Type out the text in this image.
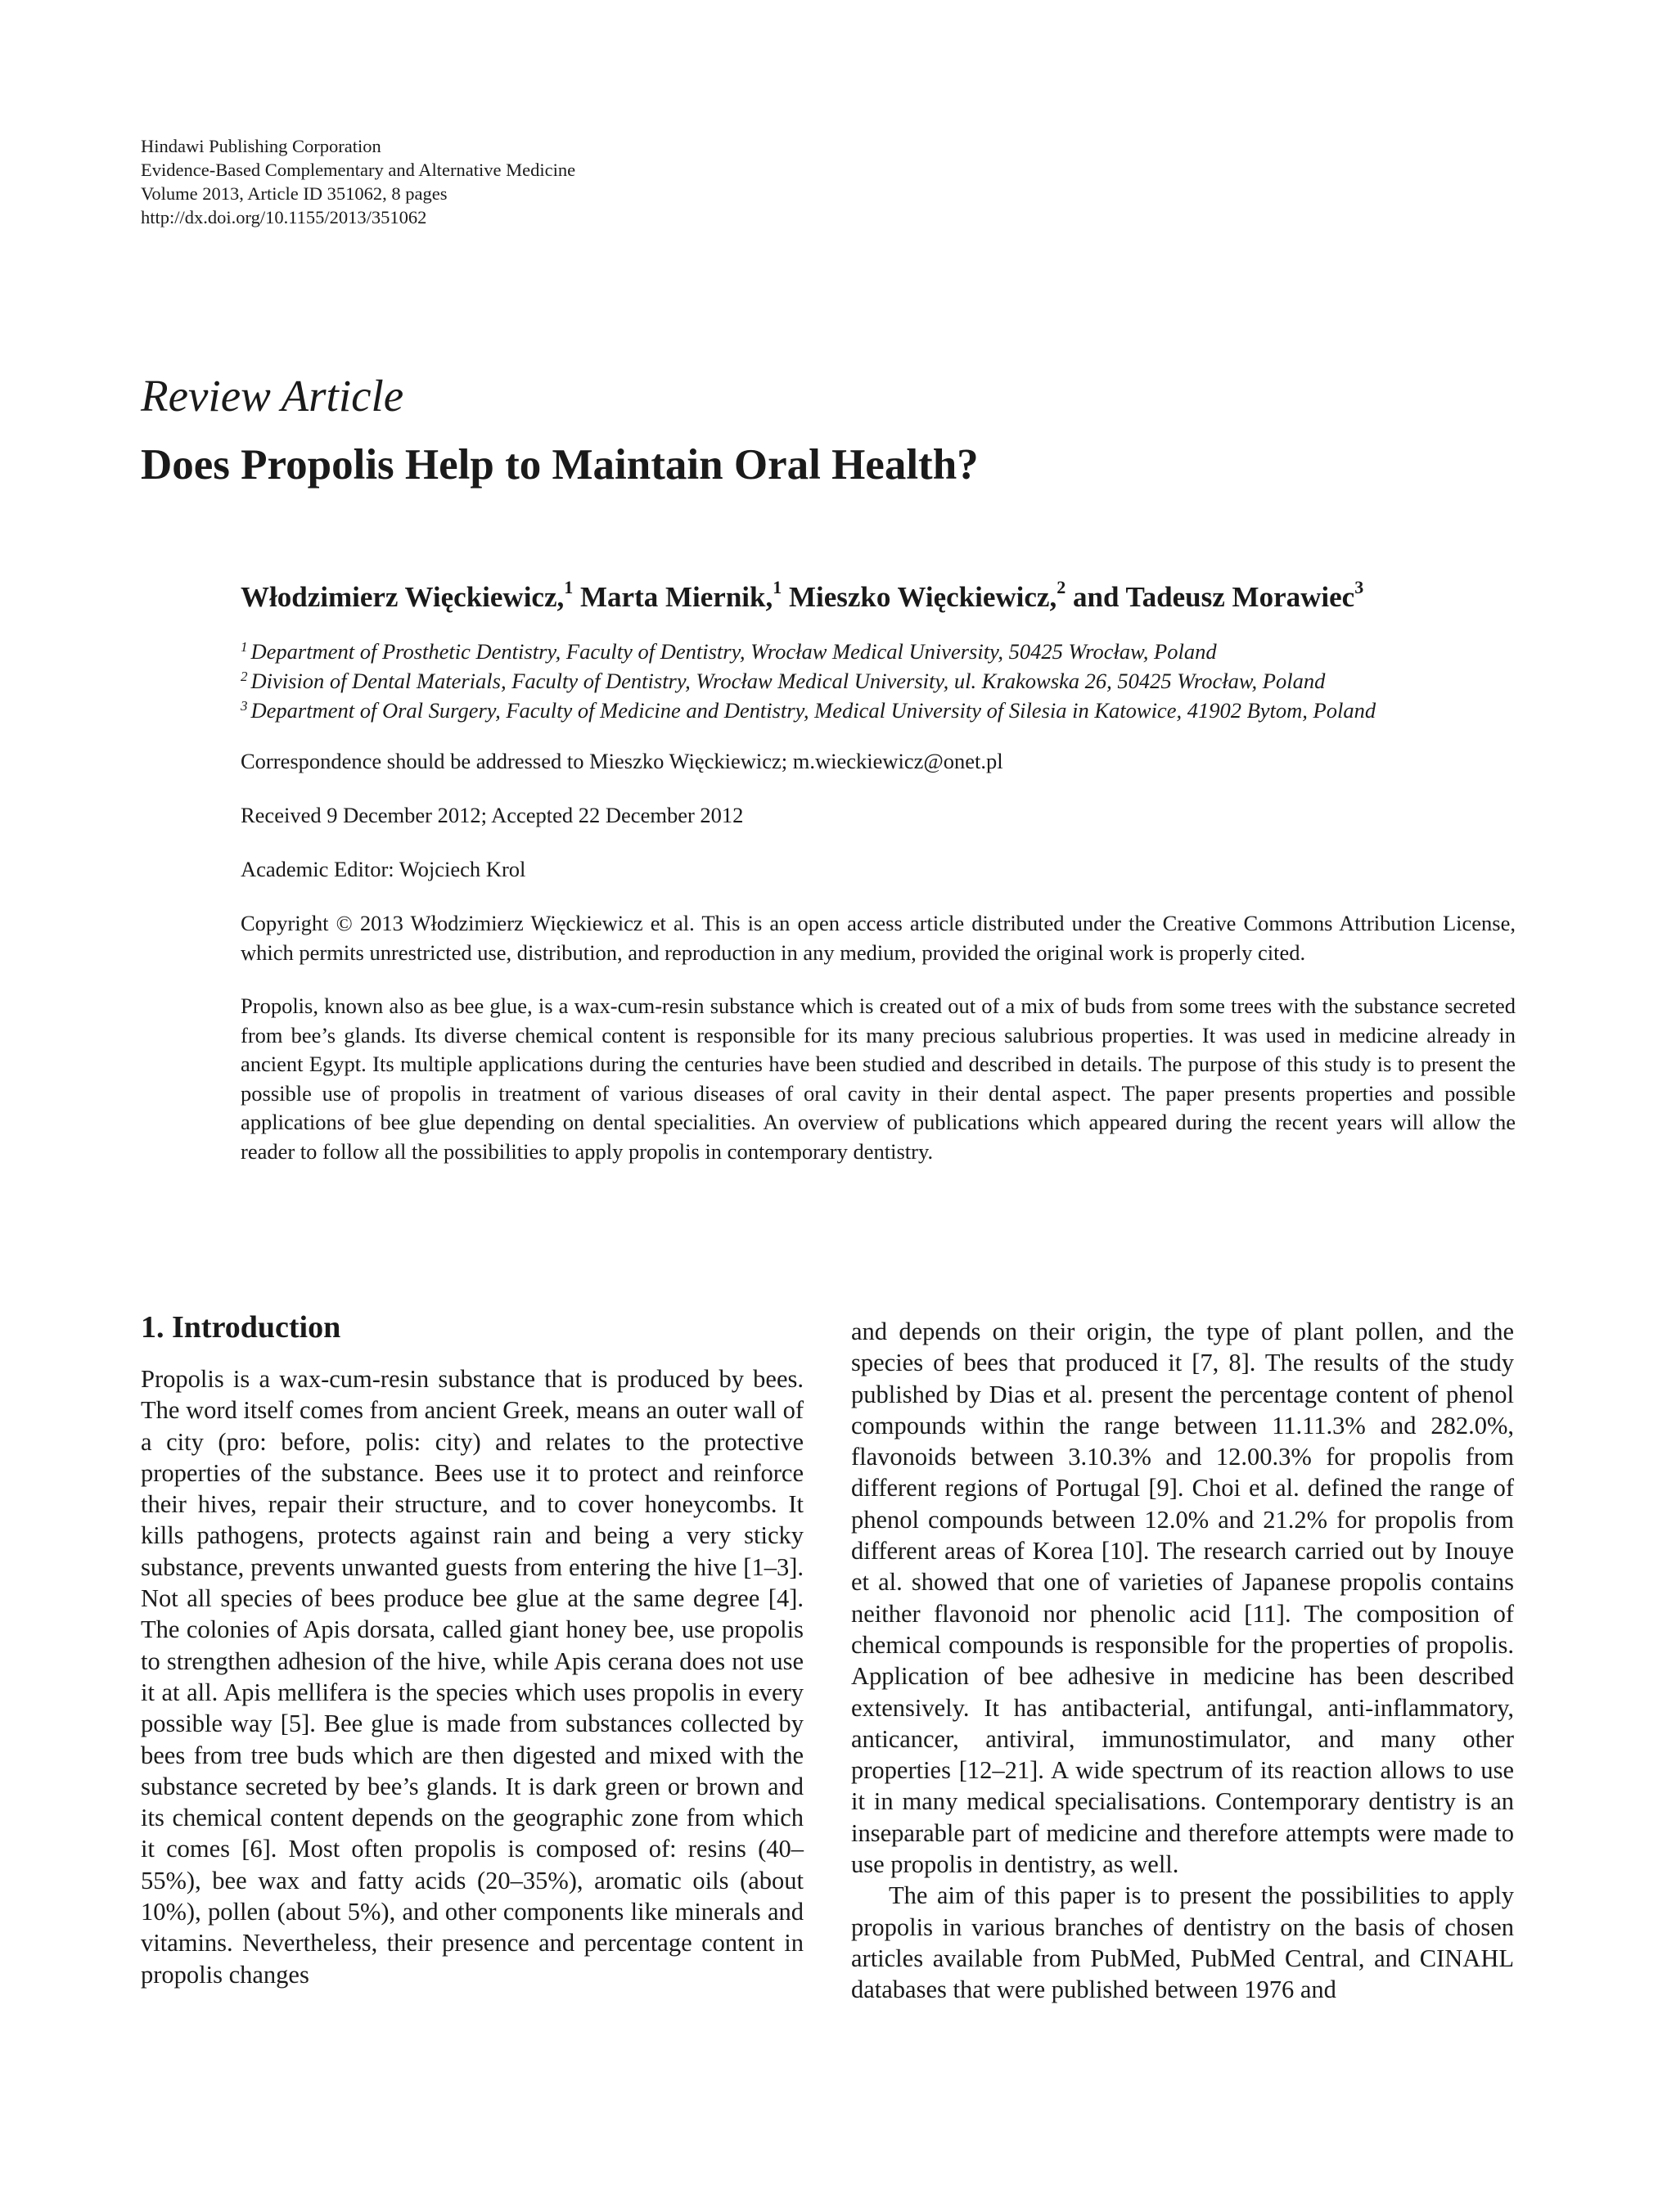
Hindawi Publishing Corporation
Evidence-Based Complementary and Alternative Medicine
Volume 2013, Article ID 351062, 8 pages
http://dx.doi.org/10.1155/2013/351062
Review Article
Does Propolis Help to Maintain Oral Health?
Włodzimierz Więckiewicz,$^1$ Marta Miernik,$^1$ Mieszko Więckiewicz,$^2$ and Tadeusz Morawiec$^3$
$^1$ Department of Prosthetic Dentistry, Faculty of Dentistry, Wrocław Medical University, 50425 Wrocław, Poland
$^2$ Division of Dental Materials, Faculty of Dentistry, Wrocław Medical University, ul. Krakowska 26, 50425 Wrocław, Poland
$^3$ Department of Oral Surgery, Faculty of Medicine and Dentistry, Medical University of Silesia in Katowice, 41902 Bytom, Poland
Correspondence should be addressed to Mieszko Więckiewicz; m.wieckiewicz@onet.pl
Received 9 December 2012; Accepted 22 December 2012
Academic Editor: Wojciech Krol
Copyright © 2013 Włodzimierz Więckiewicz et al. This is an open access article distributed under the Creative Commons Attribution License, which permits unrestricted use, distribution, and reproduction in any medium, provided the original work is properly cited.
Propolis, known also as bee glue, is a wax-cum-resin substance which is created out of a mix of buds from some trees with the substance secreted from bee’s glands. Its diverse chemical content is responsible for its many precious salubrious properties. It was used in medicine already in ancient Egypt. Its multiple applications during the centuries have been studied and described in details. The purpose of this study is to present the possible use of propolis in treatment of various diseases of oral cavity in their dental aspect. The paper presents properties and possible applications of bee glue depending on dental specialities. An overview of publications which appeared during the recent years will allow the reader to follow all the possibilities to apply propolis in contemporary dentistry.
1. Introduction

Propolis is a wax-cum-resin substance that is produced by bees. The word itself comes from ancient Greek, means an outer wall of a city (pro: before, polis: city) and relates to the protective properties of the substance. Bees use it to protect and reinforce their hives, repair their structure, and to cover honeycombs. It kills pathogens, protects against rain and being a very sticky substance, prevents unwanted guests from entering the hive [1–3]. Not all species of bees produce bee glue at the same degree [4]. The colonies of Apis dorsata, called giant honey bee, use propolis to strengthen adhesion of the hive, while Apis cerana does not use it at all. Apis mellifera is the species which uses propolis in every possible way [5]. Bee glue is made from substances collected by bees from tree buds which are then digested and mixed with the substance secreted by bee’s glands. It is dark green or brown and its chemical content depends on the geographic zone from which it comes [6]. Most often propolis is composed of: resins (40–55%), bee wax and fatty acids (20–35%), aromatic oils (about 10%), pollen (about 5%), and other components like minerals and vitamins. Nevertheless, their presence and percentage content in propolis changes

and depends on their origin, the type of plant pollen, and the species of bees that produced it [7, 8]. The results of the study published by Dias et al. present the percentage content of phenol compounds within the range between 11.11.3% and 282.0%, flavonoids between 3.10.3% and 12.00.3% for propolis from different regions of Portugal [9]. Choi et al. defined the range of phenol compounds between 12.0% and 21.2% for propolis from different areas of Korea [10]. The research carried out by Inouye et al. showed that one of varieties of Japanese propolis contains neither flavonoid nor phenolic acid [11]. The composition of chemical compounds is responsible for the properties of propolis. Application of bee adhesive in medicine has been described extensively. It has antibacterial, antifungal, anti-inflammatory, anticancer, antiviral, immunostimulator, and many other properties [12–21]. A wide spectrum of its reaction allows to use it in many medical specialisations. Contemporary dentistry is an inseparable part of medicine and therefore attempts were made to use propolis in dentistry, as well.

The aim of this paper is to present the possibilities to apply propolis in various branches of dentistry on the basis of chosen articles available from PubMed, PubMed Central, and CINAHL databases that were published between 1976 and
